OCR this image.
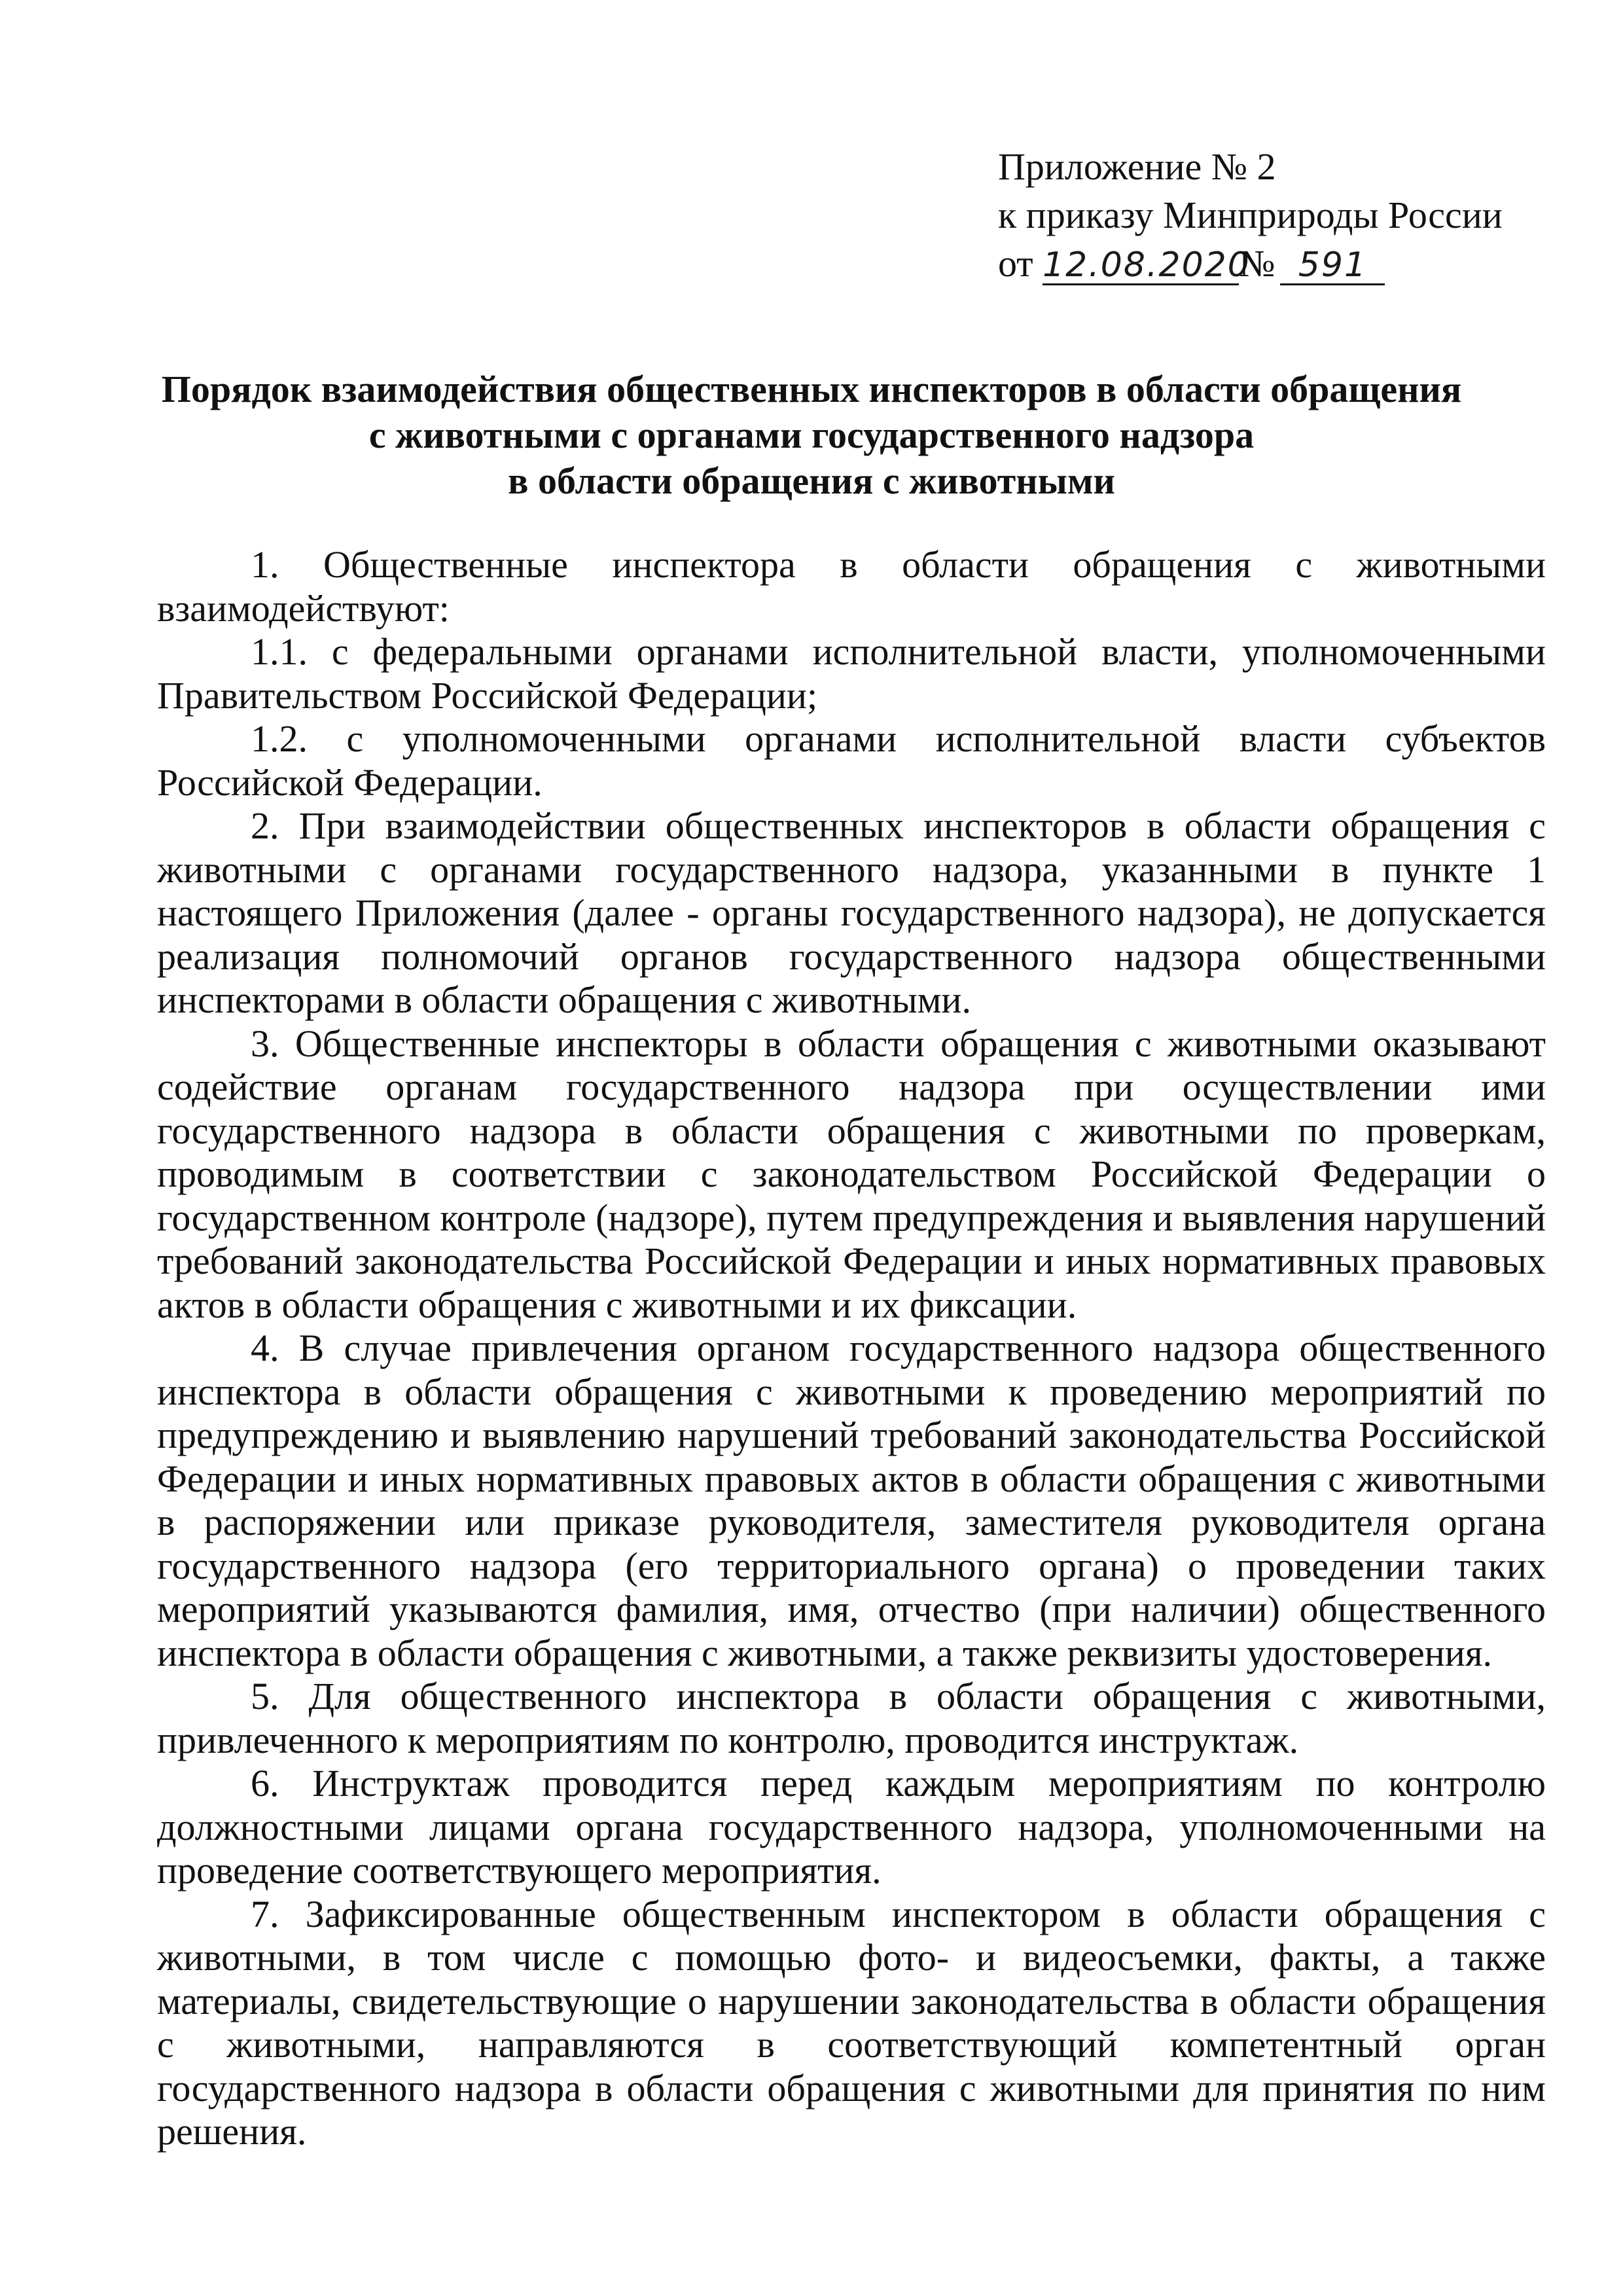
Приложение № 2
к приказу Минприроды России
от 12.08.2020№ 591
Порядок взаимодействия общественных инспекторов в области обращения
с животными с органами государственного надзора
в области обращения с животными

1. Общественные инспектора в области обращения с животными взаимодействуют:

1.1. с федеральными органами исполнительной власти, уполномоченными Правительством Российской Федерации;

1.2. с уполномоченными органами исполнительной власти субъектов Российской Федерации.

2. При взаимодействии общественных инспекторов в области обращения с животными с органами государственного надзора, указанными в пункте 1 настоящего Приложения (далее - органы государственного надзора), не допускается реализация полномочий органов государственного надзора общественными инспекторами в области обращения с животными.

3. Общественные инспекторы в области обращения с животными оказывают содействие органам государственного надзора при осуществлении ими государственного надзора в области обращения с животными по проверкам, проводимым в соответствии с законодательством Российской Федерации о государственном контроле (надзоре), путем предупреждения и выявления нарушений требований законодательства Российской Федерации и иных нормативных правовых актов в области обращения с животными и их фиксации.

4. В случае привлечения органом государственного надзора общественного инспектора в области обращения с животными к проведению мероприятий по предупреждению и выявлению нарушений требований законодательства Российской Федерации и иных нормативных правовых актов в области обращения с животными в распоряжении или приказе руководителя, заместителя руководителя органа государственного надзора (его территориального органа) о проведении таких мероприятий указываются фамилия, имя, отчество (при наличии) общественного инспектора в области обращения с животными, а также реквизиты удостоверения.

5. Для общественного инспектора в области обращения с животными, привлеченного к мероприятиям по контролю, проводится инструктаж.

6. Инструктаж проводится перед каждым мероприятиям по контролю должностными лицами органа государственного надзора, уполномоченными на проведение соответствующего мероприятия.

7. Зафиксированные общественным инспектором в области обращения с животными, в том числе с помощью фото- и видеосъемки, факты, а также материалы, свидетельствующие о нарушении законодательства в области обращения с животными, направляются в соответствующий компетентный орган государственного надзора в области обращения с животными для принятия по ним решения.
